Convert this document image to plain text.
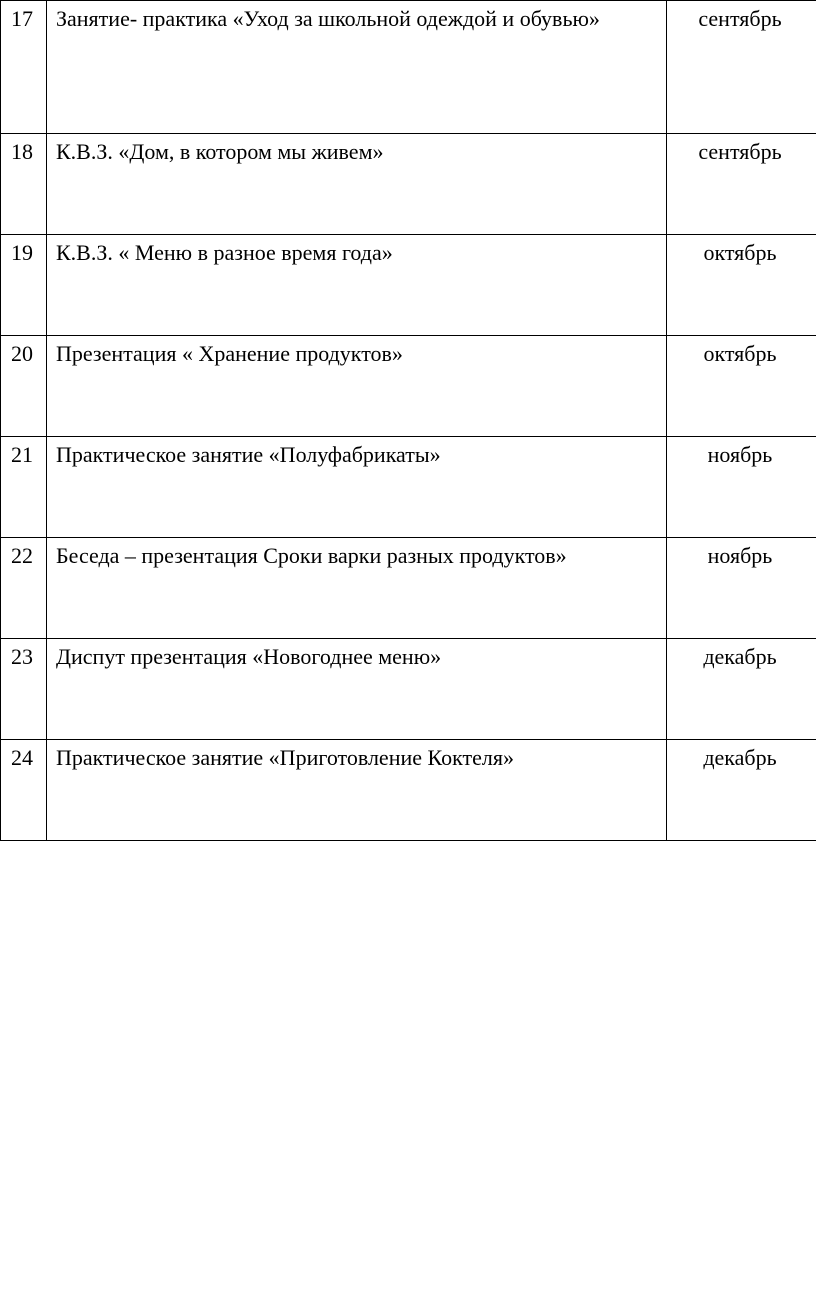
17	Занятие- практика «Уход за школьной одеждой и обувью»	сентябрь

18	К.В.З. «Дом, в котором мы живем»	сентябрь

19	К.В.З. « Меню в разное время года»	октябрь

20	Презентация « Хранение продуктов»	октябрь

21	Практическое занятие «Полуфабрикаты»	ноябрь

22	Беседа – презентация Сроки варки разных продуктов»	ноябрь

23	Диспут презентация «Новогоднее меню»	декабрь

24	Практическое занятие «Приготовление Коктеля»	декабрь
